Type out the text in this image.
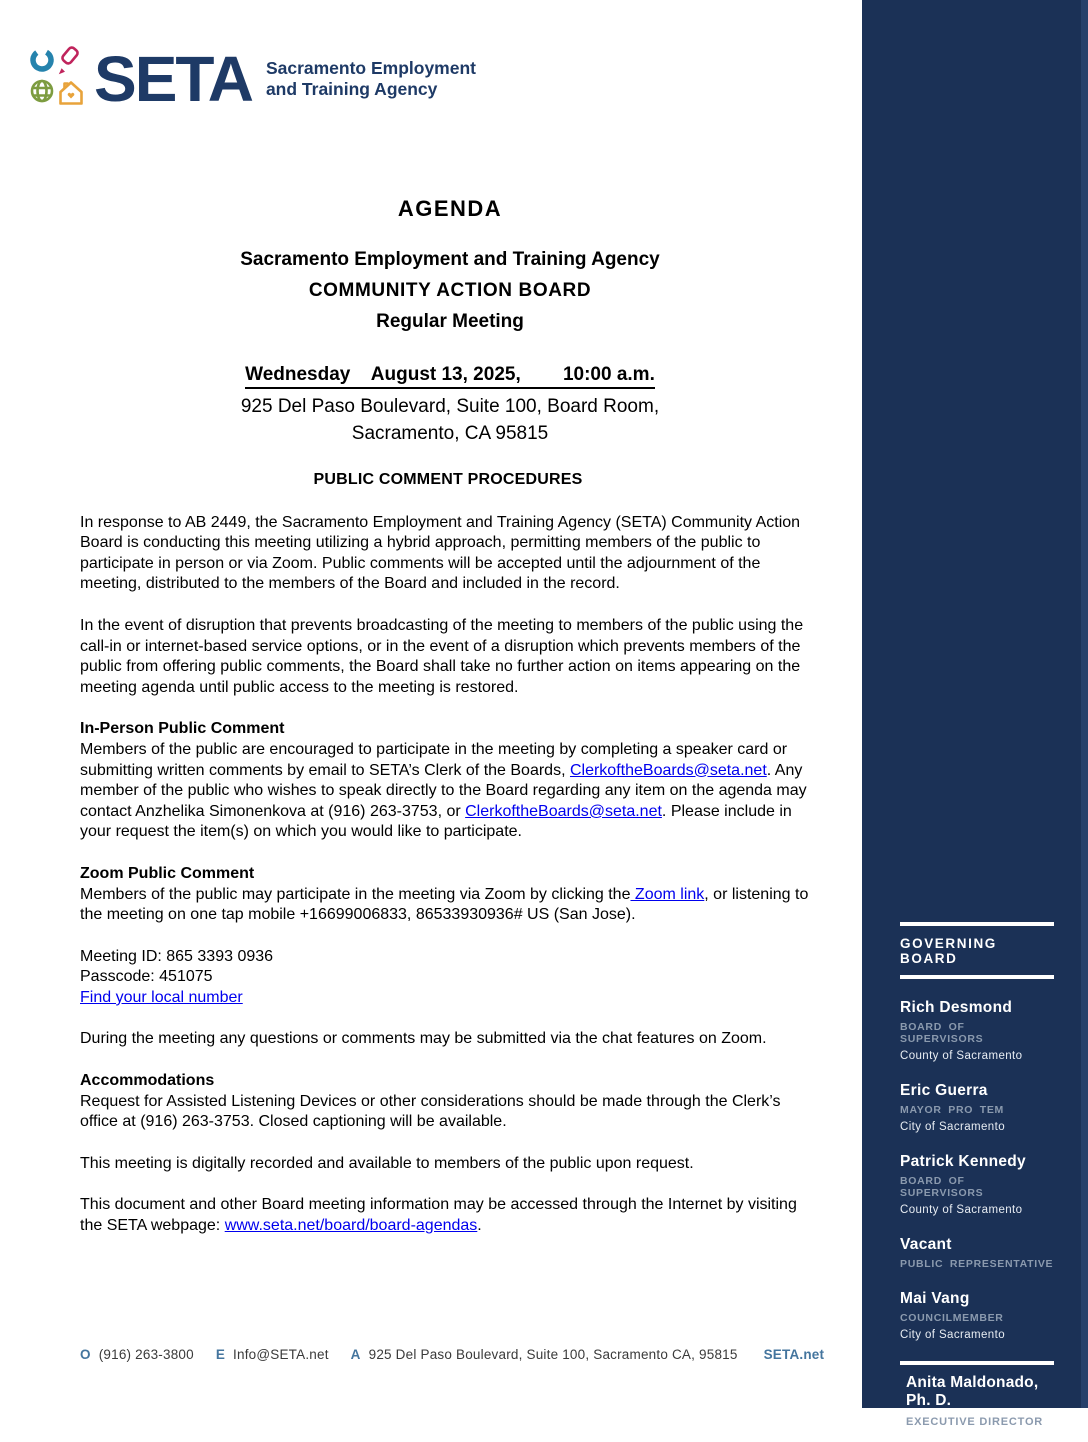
GOVERNING BOARD
Rich Desmond
BOARD OF SUPERVISORS
County of Sacramento
Eric Guerra
MAYOR PRO TEM
City of Sacramento
Patrick Kennedy
BOARD OF SUPERVISORS
County of Sacramento
Vacant
PUBLIC REPRESENTATIVE
Mai Vang
COUNCILMEMBER
City of Sacramento
Anita Maldonado, Ph. D.
EXECUTIVE DIRECTOR
SETA Sacramento Employment
and Training Agency
AGENDA
Sacramento Employment and Training Agency
COMMUNITY ACTION BOARD
Regular Meeting
Wednesday    August 13, 2025,        10:00 a.m.
925 Del Paso Boulevard, Suite 100, Board Room,
Sacramento, CA 95815
PUBLIC COMMENT PROCEDURES

In response to AB 2449, the Sacramento Employment and Training Agency (SETA) Community Action Board is conducting this meeting utilizing a hybrid approach, permitting members of the public to participate in person or via Zoom. Public comments will be accepted until the adjournment of the meeting, distributed to the members of the Board and included in the record.

In the event of disruption that prevents broadcasting of the meeting to members of the public using the call-in or internet-based service options, or in the event of a disruption which prevents members of the public from offering public comments, the Board shall take no further action on items appearing on the meeting agenda until public access to the meeting is restored.

In-Person Public Comment

Members of the public are encouraged to participate in the meeting by completing a speaker card or submitting written comments by email to SETA’s Clerk of the Boards, ClerkoftheBoards@seta.net. Any member of the public who wishes to speak directly to the Board regarding any item on the agenda may contact Anzhelika Simonenkova at (916) 263-3753, or ClerkoftheBoards@seta.net. Please include in your request the item(s) on which you would like to participate.

Zoom Public Comment

Members of the public may participate in the meeting via Zoom by clicking the Zoom link, or listening to the meeting on one tap mobile +16699006833, 86533930936# US (San Jose).

Meeting ID: 865 3393 0936
Passcode: 451075
Find your local number

During the meeting any questions or comments may be submitted via the chat features on Zoom.

Accommodations

Request for Assisted Listening Devices or other considerations should be made through the Clerk’s office at (916) 263-3753. Closed captioning will be available.

This meeting is digitally recorded and available to members of the public upon request.

This document and other Board meeting information may be accessed through the Internet by visiting the SETA webpage: www.seta.net/board/board-agendas.

O (916) 263-3800 E Info@SETA.net A 925 Del Paso Boulevard, Suite 100, Sacramento CA, 95815 SETA.net
